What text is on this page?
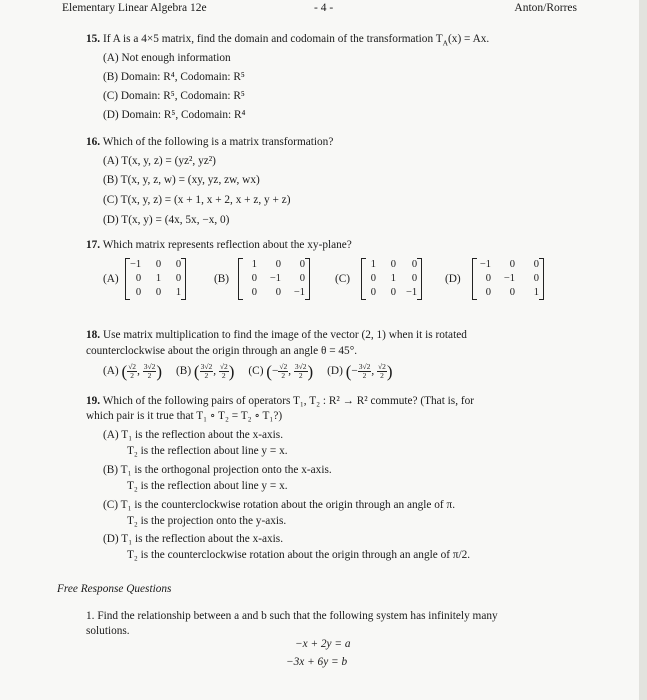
Elementary Linear Algebra 12e	- 4 -	Anton/Rorres
15. If A is a 4×5 matrix, find the domain and codomain of the transformation $T_A(x) = Ax$.
(A) Not enough information
(B) Domain: R⁴, Codomain: R⁵
(C) Domain: R⁵, Codomain: R⁵
(D) Domain: R⁵, Codomain: R⁴
16. Which of the following is a matrix transformation?
(A) T(x, y, z) = (yz², yz²)
(B) T(x, y, z, w) = (xy, yz, zw, wx)
(C) T(x, y, z) = (x + 1, x + 2, x + z, y + z)
(D) T(x, y) = (4x, 5x, −x, 0)
17. Which matrix represents reflection about the xy-plane?
(A)
−1	0	0
0	1	0
0	0	1
(B)
1	0	0
0	−1	0
0	0	−1
(C)
1	0	0
0	1	0
0	0	−1
(D)
−1	0	0
0	−1	0
0	0	1
18. Use matrix multiplication to find the image of the vector (2, 1) when it is rotated
counterclockwise about the origin through an angle θ = 45°.
(A) ( $\frac{√2}{2}$ , $\frac{3√2}{2}$ ) (B) ( $\frac{3√2}{2}$ , $\frac{√2}{2}$ ) (C) (− $\frac{√2}{2}$ , $\frac{3√2}{2}$ ) (D) (− $\frac{3√2}{2}$ , $\frac{√2}{2}$ )
19. Which of the following pairs of operators T₁, T₂ : R² → R² commute? (That is, for
which pair is it true that T₁ ∘ T₂ = T₂ ∘ T₁?)
(A) T₁ is the reflection about the x-axis.
T₂ is the reflection about line y = x.
(B) T₁ is the orthogonal projection onto the x-axis.
T₂ is the reflection about line y = x.
(C) T₁ is the counterclockwise rotation about the origin through an angle of π.
T₂ is the projection onto the y-axis.
(D) T₁ is the reflection about the x-axis.
T₂ is the counterclockwise rotation about the origin through an angle of π/2.
Free Response Questions
1. Find the relationship between a and b such that the following system has infinitely many
solutions.
−x + 2y = a
−3x + 6y = b
